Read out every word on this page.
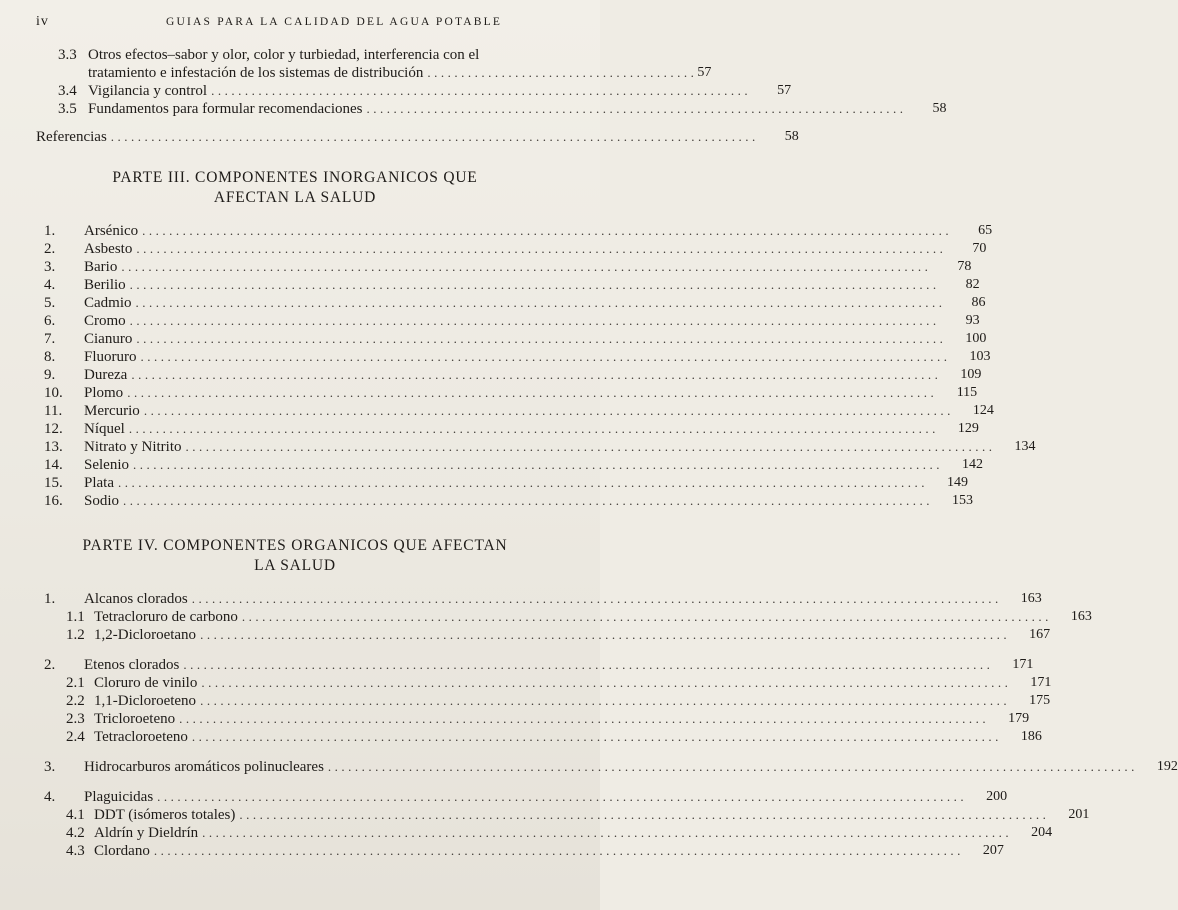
iv	GUIAS PARA LA CALIDAD DEL AGUA POTABLE
3.3 Otros efectos–sabor y olor, color y turbiedad, interferencia con el
tratamiento e infestación de los sistemas de distribución ........................................ 57
3.4 Vigilancia y control ................................................................................	57
3.5 Fundamentos para formular recomendaciones ................................................................................	58
Referencias ................................................................................................	58
PARTE III. COMPONENTES INORGANICOS QUE
AFECTAN LA SALUD
1.	Arsénico ........................................................................................................................	65
2.	Asbesto ........................................................................................................................	70
3.	Bario ........................................................................................................................	78
4.	Berilio ........................................................................................................................	82
5.	Cadmio ........................................................................................................................	86
6.	Cromo ........................................................................................................................	93
7.	Cianuro ........................................................................................................................	100
8.	Fluoruro ........................................................................................................................	103
9.	Dureza ........................................................................................................................	109
10.	Plomo ........................................................................................................................	115
11.	Mercurio ........................................................................................................................	124
12.	Níquel ........................................................................................................................	129
13.	Nitrato y Nitrito ........................................................................................................................	134
14.	Selenio ........................................................................................................................	142
15.	Plata ........................................................................................................................	149
16.	Sodio ........................................................................................................................	153
PARTE IV. COMPONENTES ORGANICOS QUE AFECTAN
LA SALUD
1.	Alcanos clorados ........................................................................................................................	163
1.1 Tetracloruro de carbono ........................................................................................................................	163
1.2 1,2-Dicloroetano ........................................................................................................................	167
2.	Etenos clorados ........................................................................................................................	171
2.1 Cloruro de vinilo ........................................................................................................................	171
2.2 1,1-Dicloroeteno ........................................................................................................................	175
2.3 Tricloroeteno ........................................................................................................................	179
2.4 Tetracloroeteno ........................................................................................................................	186
3.	Hidrocarburos aromáticos polinucleares ........................................................................................................................	192
4.	Plaguicidas ........................................................................................................................	200
4.1 DDT (isómeros totales) ........................................................................................................................	201
4.2 Aldrín y Dieldrín ........................................................................................................................	204
4.3 Clordano ........................................................................................................................	207
